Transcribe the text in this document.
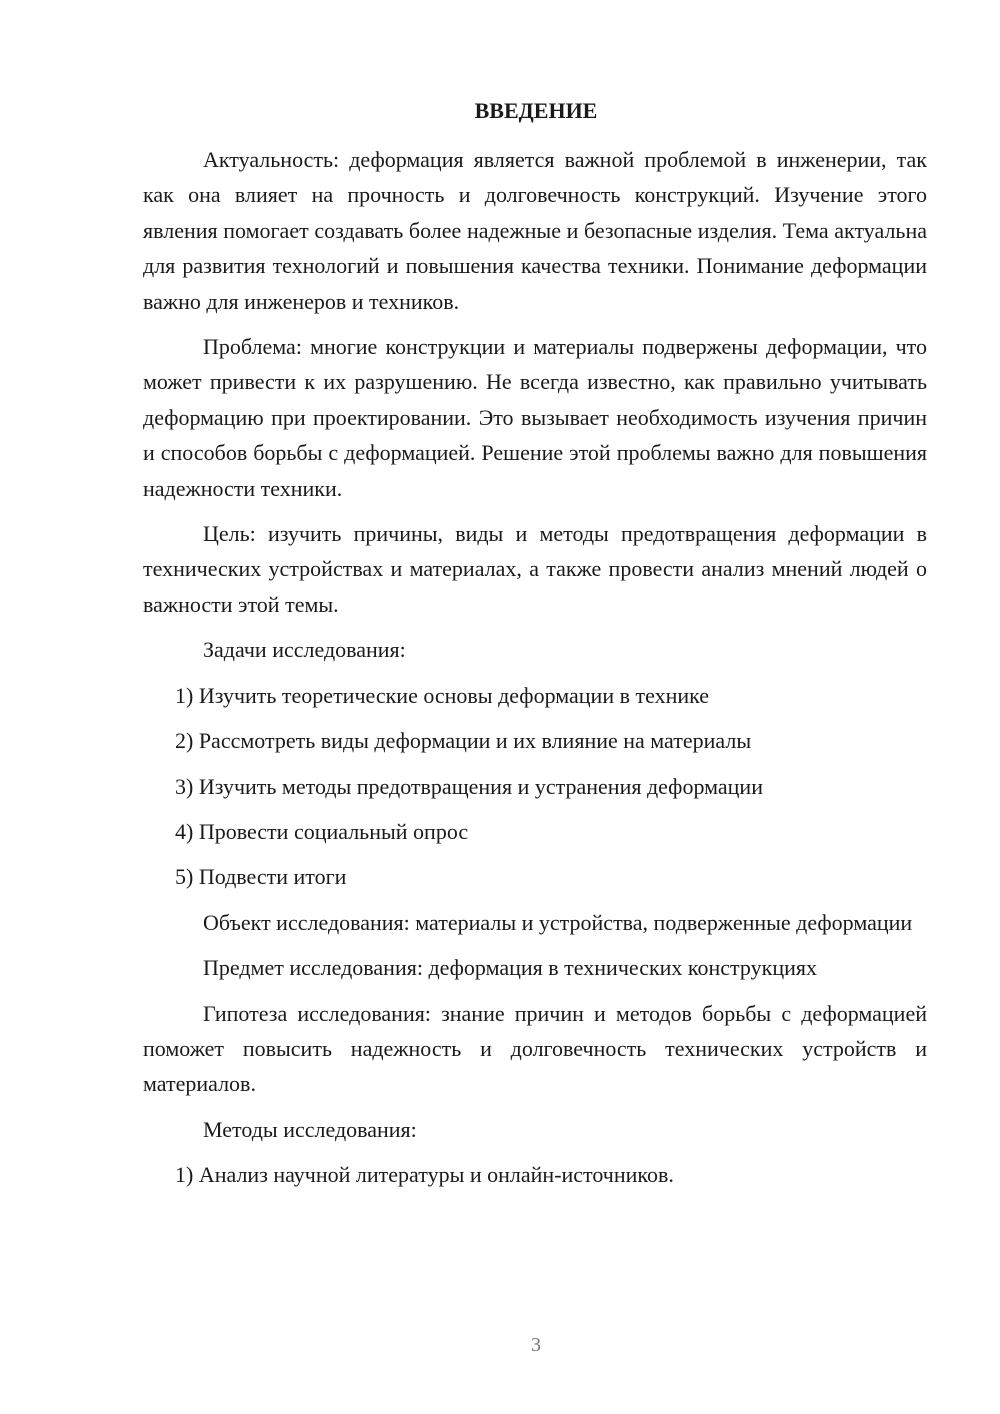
ВВЕДЕНИЕ

Актуальность: деформация является важной проблемой в инженерии, так как она влияет на прочность и долговечность конструкций. Изучение этого явления помогает создавать более надежные и безопасные изделия. Тема актуальна для развития технологий и повышения качества техники. Понимание деформации важно для инженеров и техников.

Проблема: многие конструкции и материалы подвержены деформации, что может привести к их разрушению. Не всегда известно, как правильно учитывать деформацию при проектировании. Это вызывает необходимость изучения причин и способов борьбы с деформацией. Решение этой проблемы важно для повышения надежности техники.

Цель: изучить причины, виды и методы предотвращения деформации в технических устройствах и материалах, а также провести анализ мнений людей о важности этой темы.

Задачи исследования:

1) Изучить теоретические основы деформации в технике

2) Рассмотреть виды деформации и их влияние на материалы

3) Изучить методы предотвращения и устранения деформации

4) Провести социальный опрос

5) Подвести итоги

Объект исследования: материалы и устройства, подверженные деформации

Предмет исследования: деформация в технических конструкциях

Гипотеза исследования: знание причин и методов борьбы с деформацией поможет повысить надежность и долговечность технических устройств и материалов.

Методы исследования:

1) Анализ научной литературы и онлайн-источников.

3
